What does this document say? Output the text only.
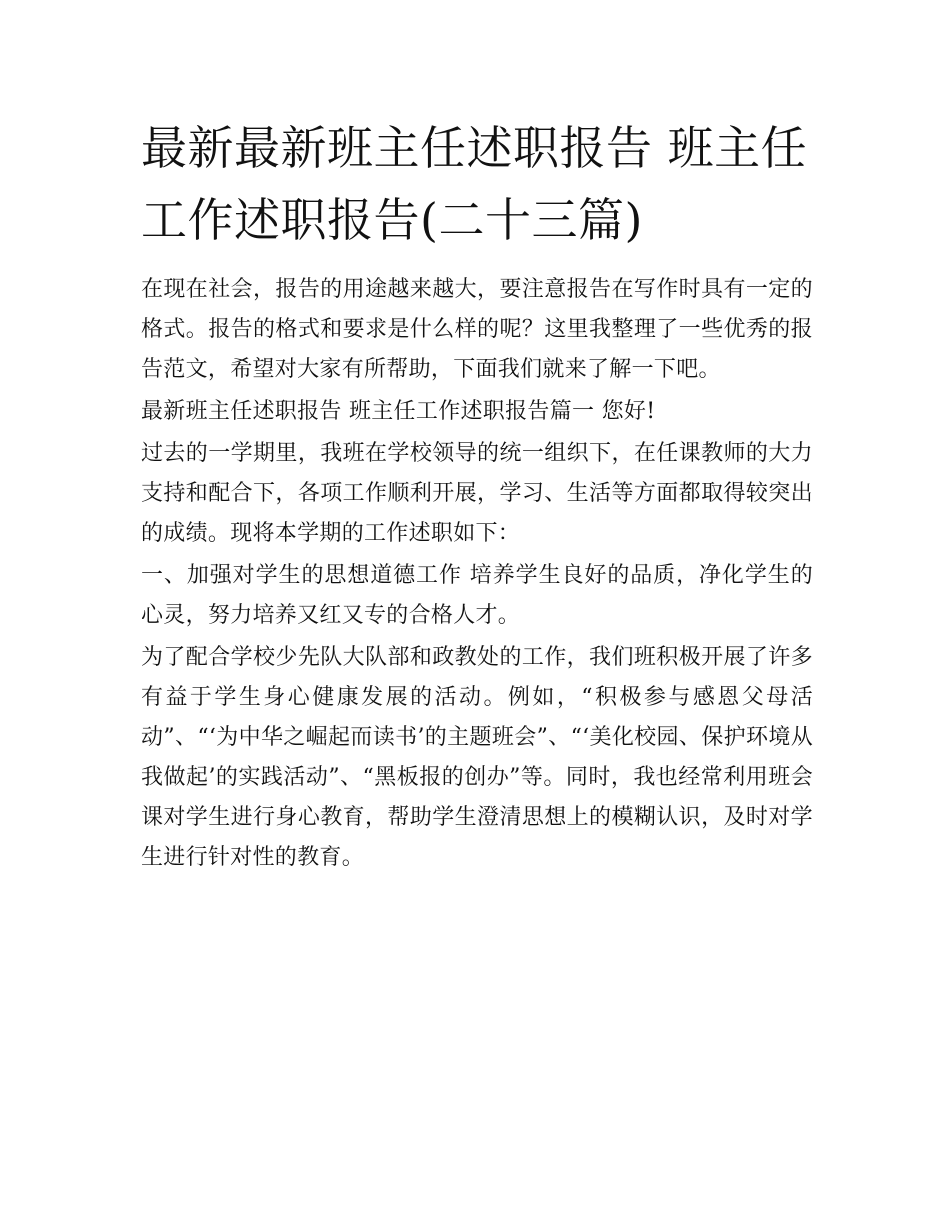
最新最新班主任述职报告 班主任工作述职报告(二十三篇)

在现在社会，报告的用途越来越大，要注意报告在写作时具有一定的格式。报告的格式和要求是什么样的呢？这里我整理了一些优秀的报告范文，希望对大家有所帮助，下面我们就来了解一下吧。

最新班主任述职报告 班主任工作述职报告篇一 您好!

过去的一学期里，我班在学校领导的统一组织下，在任课教师的大力支持和配合下，各项工作顺利开展，学习、生活等方面都取得较突出的成绩。现将本学期的工作述职如下：

一、加强对学生的思想道德工作 培养学生良好的品质，净化学生的心灵，努力培养又红又专的合格人才。

为了配合学校少先队大队部和政教处的工作，我们班积极开展了许多有益于学生身心健康发展的活动。例如，“积极参与感恩父母活动”、“‘为中华之崛起而读书’的主题班会”、“‘美化校园、保护环境从我做起’的实践活动”、“黑板报的创办”等。同时，我也经常利用班会课对学生进行身心教育，帮助学生澄清思想上的模糊认识，及时对学生进行针对性的教育。
